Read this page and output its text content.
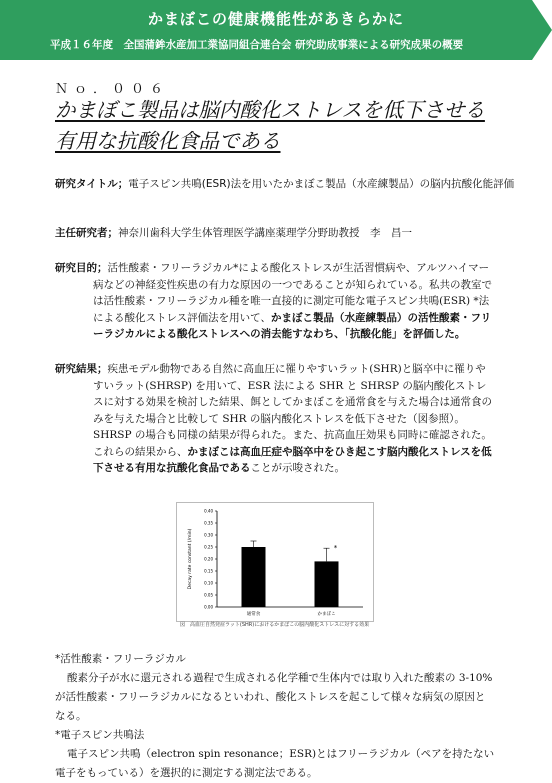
かまぼこの健康機能性があきらかに
平成１６年度　全国蒲鉾水産加工業協同組合連合会 研究助成事業による研究成果の概要
Ｎｏ．００６
かまぼこ製品は脳内酸化ストレスを低下させる
有用な抗酸化食品である
研究タイトル；電子スピン共鳴(ESR)法を用いたかまぼこ製品（水産練製品）の脳内抗酸化能評価
主任研究者；神奈川歯科大学生体管理医学講座薬理学分野助教授　李　昌一
研究目的；活性酸素・フリーラジカル*による酸化ストレスが生活習慣病や、アルツハイマー病などの神経変性疾患の有力な原因の一つであることが知られている。私共の教室では活性酸素・フリーラジカル種を唯一直接的に測定可能な電子スピン共鳴(ESR) *法による酸化ストレス評価法を用いて、かまぼこ製品（水産練製品）の活性酸素・フリーラジカルによる酸化ストレスへの消去能すなわち、「抗酸化能」を評価した。
研究結果；疾患モデル動物である自然に高血圧に罹りやすいラット(SHR)と脳卒中に罹りやすいラット(SHRSP) を用いて、ESR 法による SHR と SHRSP の脳内酸化ストレスに対する効果を検討した結果、餌としてかまぼこを通常食を与えた場合は通常食のみを与えた場合と比較して SHR の脳内酸化ストレスを低下させた（図参照）。SHRSP の場合も同様の結果が得られた。また、抗高血圧効果も同時に確認された。これらの結果から、かまぼこは高血圧症や脳卒中をひき起こす脳内酸化ストレスを低下させる有用な抗酸化食品であることが示唆された。
0.00
0.05
0.10
0.15
0.20
0.25
0.30
0.35
0.40
Decay rate constant (/min)
通常食
*
かまぼこ
図　高血圧自然発症ラット(SHR)におけるかまぼこの脳内酸化ストレスに対する効果
*活性酸素・フリーラジカル
酸素分子が水に還元される過程で生成される化学種で生体内では取り入れた酸素の 3-10%が活性酸素・フリーラジカルになるといわれ、酸化ストレスを起こして様々な病気の原因となる。
*電子スピン共鳴法
電子スピン共鳴（electron spin resonance；ESR)とはフリーラジカル（ペアを持たない電子をもっている）を選択的に測定する測定法である。
